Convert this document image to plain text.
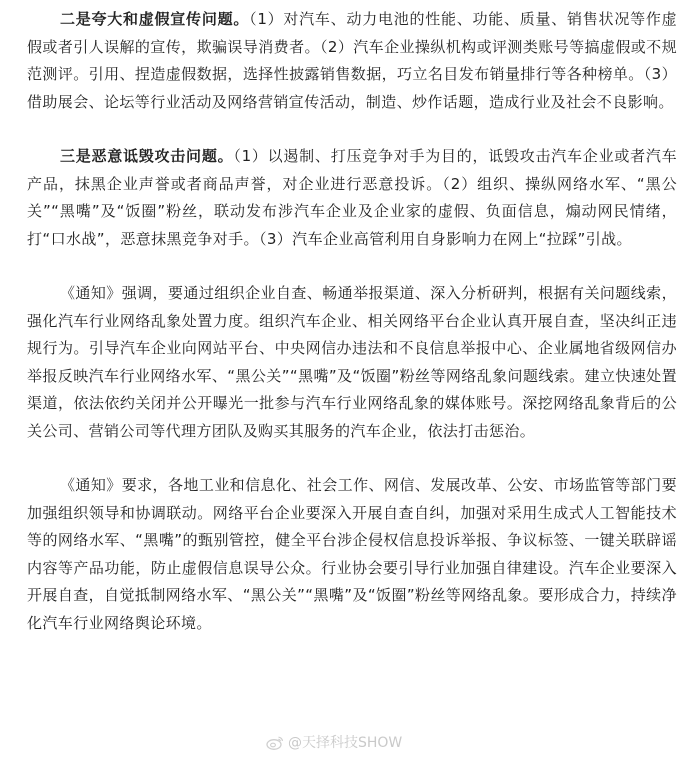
二是夸大和虚假宣传问题。（1）对汽车、动力电池的性能、功能、质量、销售状况等作虚假或者引人误解的宣传，欺骗误导消费者。（2）汽车企业操纵机构或评测类账号等搞虚假或不规范测评。引用、捏造虚假数据，选择性披露销售数据，巧立名目发布销量排行等各种榜单。（3）借助展会、论坛等行业活动及网络营销宣传活动，制造、炒作话题，造成行业及社会不良影响。

三是恶意诋毁攻击问题。（1）以遏制、打压竞争对手为目的，诋毁攻击汽车企业或者汽车产品，抹黑企业声誉或者商品声誉，对企业进行恶意投诉。（2）组织、操纵网络水军、“黑公关”“黑嘴”及“饭圈”粉丝，联动发布涉汽车企业及企业家的虚假、负面信息，煽动网民情绪，打“口水战”，恶意抹黑竞争对手。（3）汽车企业高管利用自身影响力在网上“拉踩”引战。

《通知》强调，要通过组织企业自查、畅通举报渠道、深入分析研判，根据有关问题线索，强化汽车行业网络乱象处置力度。组织汽车企业、相关网络平台企业认真开展自查，坚决纠正违规行为。引导汽车企业向网站平台、中央网信办违法和不良信息举报中心、企业属地省级网信办举报反映汽车行业网络水军、“黑公关”“黑嘴”及“饭圈”粉丝等网络乱象问题线索。建立快速处置渠道，依法依约关闭并公开曝光一批参与汽车行业网络乱象的媒体账号。深挖网络乱象背后的公关公司、营销公司等代理方团队及购买其服务的汽车企业，依法打击惩治。

《通知》要求，各地工业和信息化、社会工作、网信、发展改革、公安、市场监管等部门要加强组织领导和协调联动。网络平台企业要深入开展自查自纠，加强对采用生成式人工智能技术等的网络水军、“黑嘴”的甄别管控，健全平台涉企侵权信息投诉举报、争议标签、一键关联辟谣内容等产品功能，防止虚假信息误导公众。行业协会要引导行业加强自律建设。汽车企业要深入开展自查，自觉抵制网络水军、“黑公关”“黑嘴”及“饭圈”粉丝等网络乱象。要形成合力，持续净化汽车行业网络舆论环境。

@天择科技SHOW
